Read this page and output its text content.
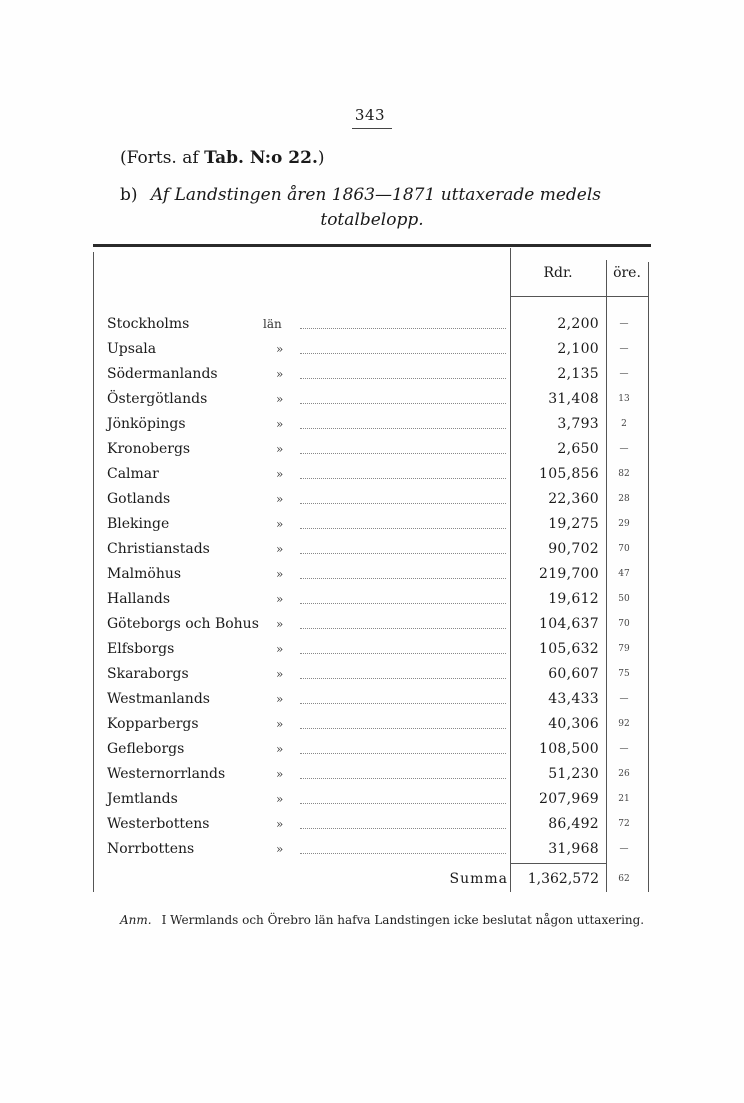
343
(Forts. af Tab. N:o 22.)
b) Af Landstingen åren 1863—1871 uttaxerade medels
totalbelopp.
Rdr.	öre.
Stockholms	län	2,200	—
Upsala	»	2,100	—
Södermanlands	»	2,135	—
Östergötlands	»	31,408	13
Jönköpings	»	3,793	2
Kronobergs	»	2,650	—
Calmar	»	105,856	82
Gotlands	»	22,360	28
Blekinge	»	19,275	29
Christianstads	»	90,702	70
Malmöhus	»	219,700	47
Hallands	»	19,612	50
Göteborgs och Bohus »	104,637	70
Elfsborgs	»	105,632	79
Skaraborgs	»	60,607	75
Westmanlands	»	43,433	—
Kopparbergs	»	40,306	92
Gefleborgs	»	108,500	—
Westernorrlands	»	51,230	26
Jemtlands	»	207,969	21
Westerbottens	»	86,492	72
Norrbottens	»	31,968	—
Summa 1,362,572	62
Anm. I Wermlands och Örebro län hafva Landstingen icke beslutat någon uttaxering.
